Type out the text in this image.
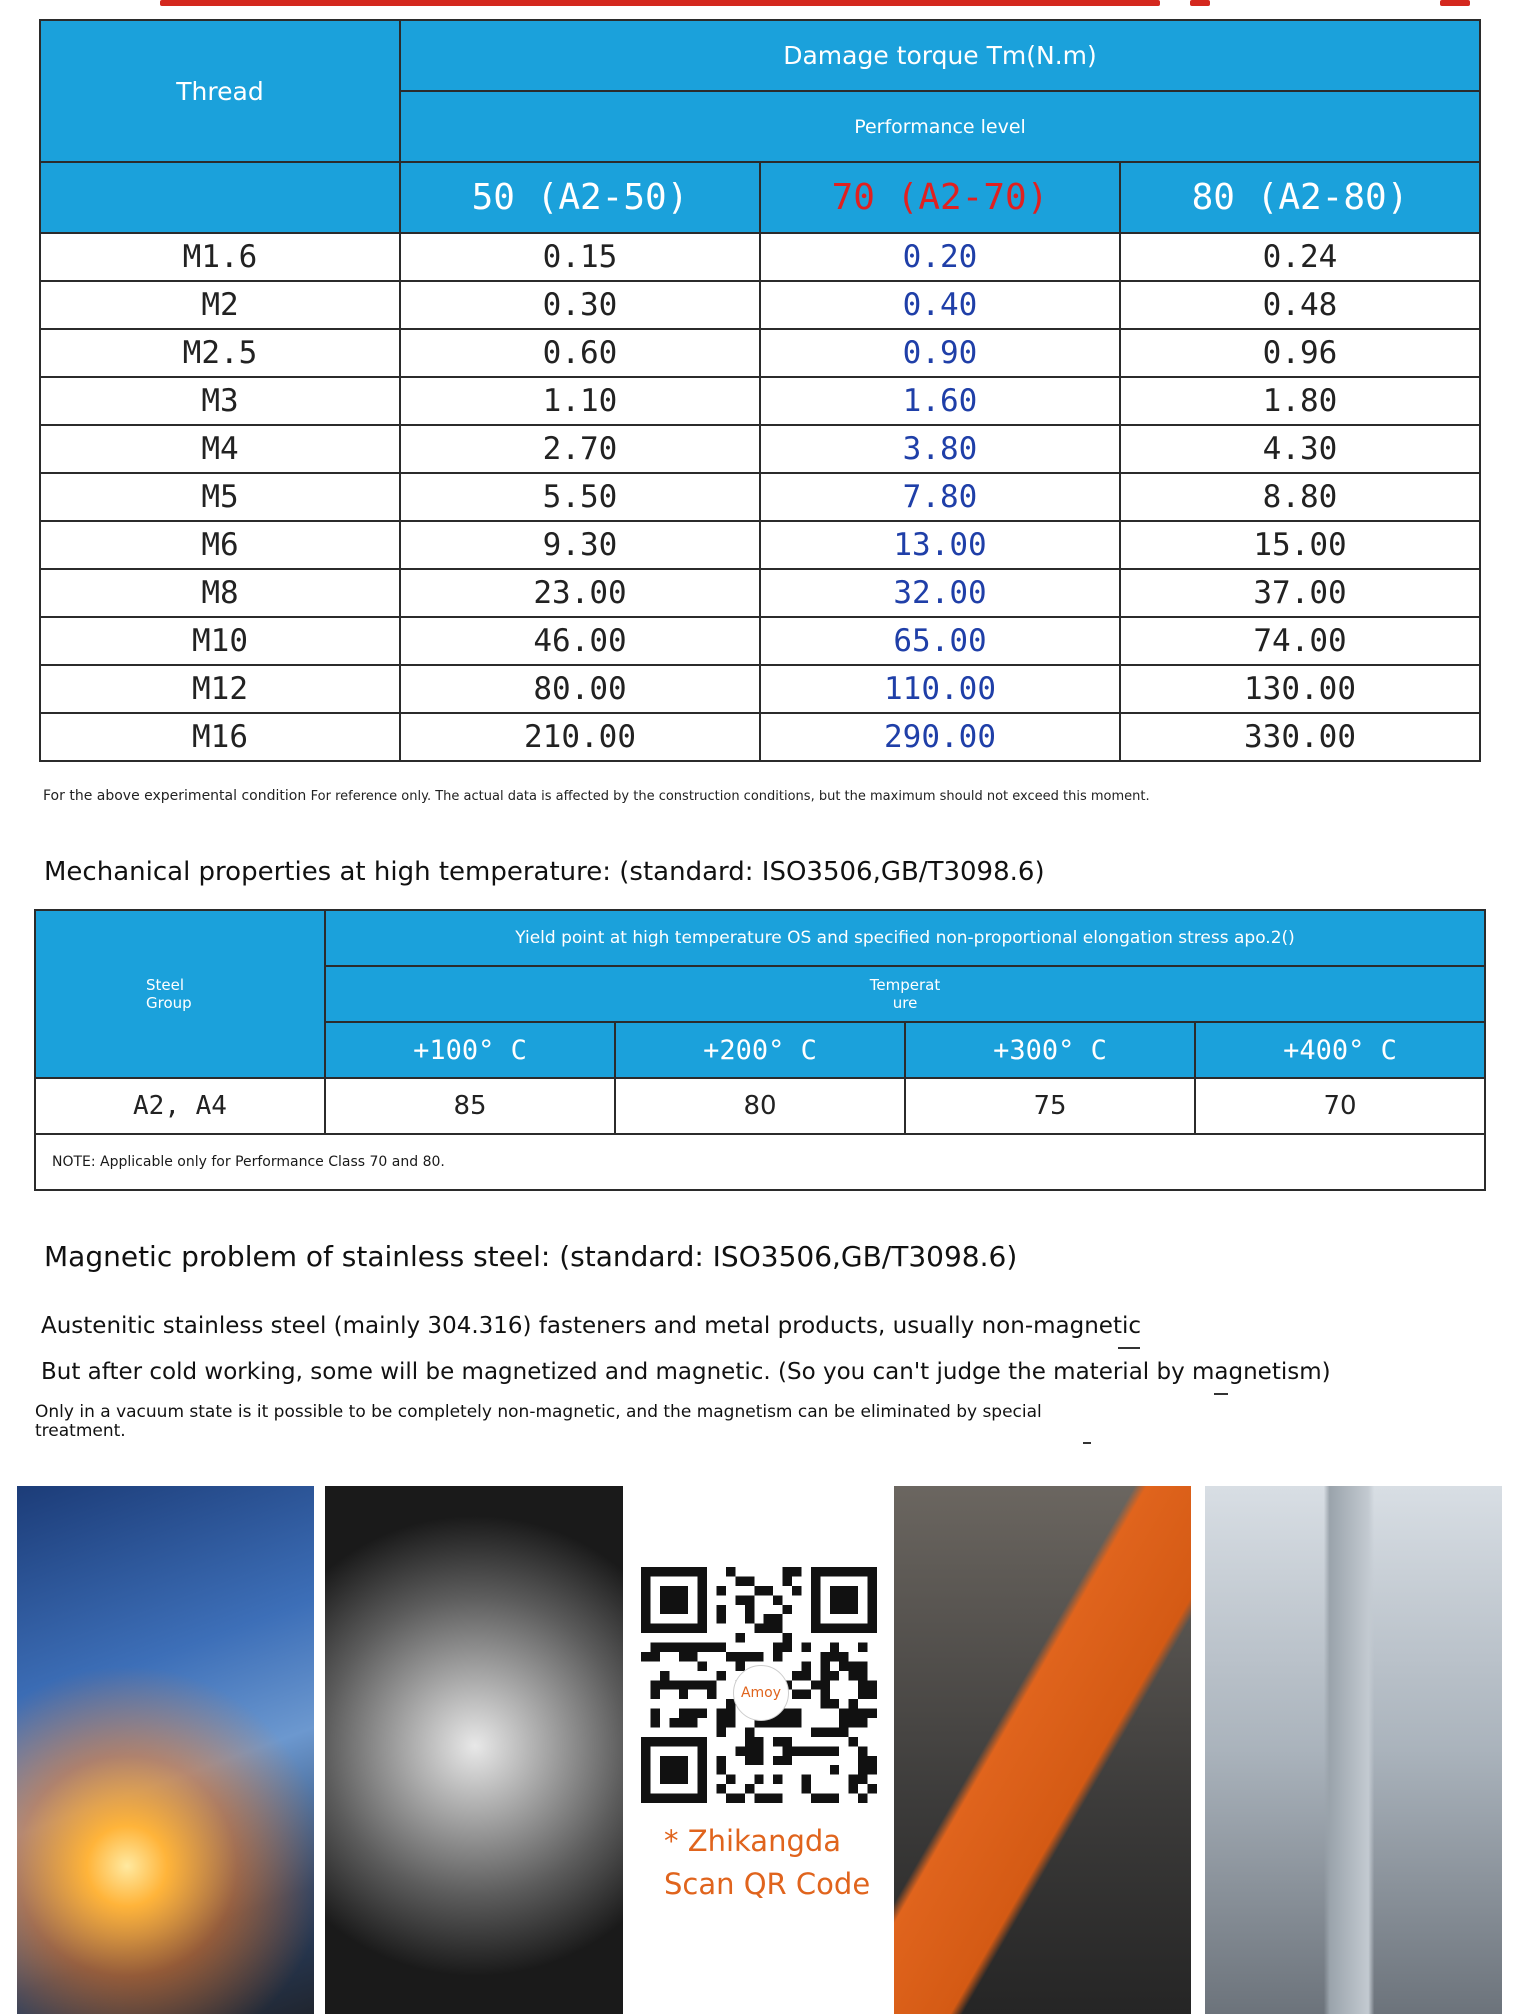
Thread	Damage torque Tm(N.m)		
	Performance level		
	50 (A2-50)	70 (A2-70)	80 (A2-80)
M1.6	0.15	0.20	0.24
M2	0.30	0.40	0.48
M2.5	0.60	0.90	0.96
M3	1.10	1.60	1.80
M4	2.70	3.80	4.30
M5	5.50	7.80	8.80
M6	9.30	13.00	15.00
M8	23.00	32.00	37.00
M10	46.00	65.00	74.00
M12	80.00	110.00	130.00
M16	210.00	290.00	330.00
For the above experimental condition For reference only. The actual data is affected by the construction conditions, but the maximum should not exceed this moment.
Mechanical properties at high temperature: (standard: ISO3506,GB/T3098.6)
Steel
Group	Yield point at high temperature OS and specified non-proportional elongation stress apo.2()			
	Temperat
ure			
	+100° C	+200° C	+300° C	+400° C
A2, A4	85	80	75	70
NOTE: Applicable only for Performance Class 70 and 80.				
Magnetic problem of stainless steel: (standard: ISO3506,GB/T3098.6)
Austenitic stainless steel (mainly 304.316) fasteners and metal products, usually non-magnetic
But after cold working, some will be magnetized and magnetic. (So you can't judge the material by magnetism)
Only in a vacuum state is it possible to be completely non-magnetic, and the magnetism can be eliminated by special
treatment.
Amoy
* Zhikangda
Scan QR Code
